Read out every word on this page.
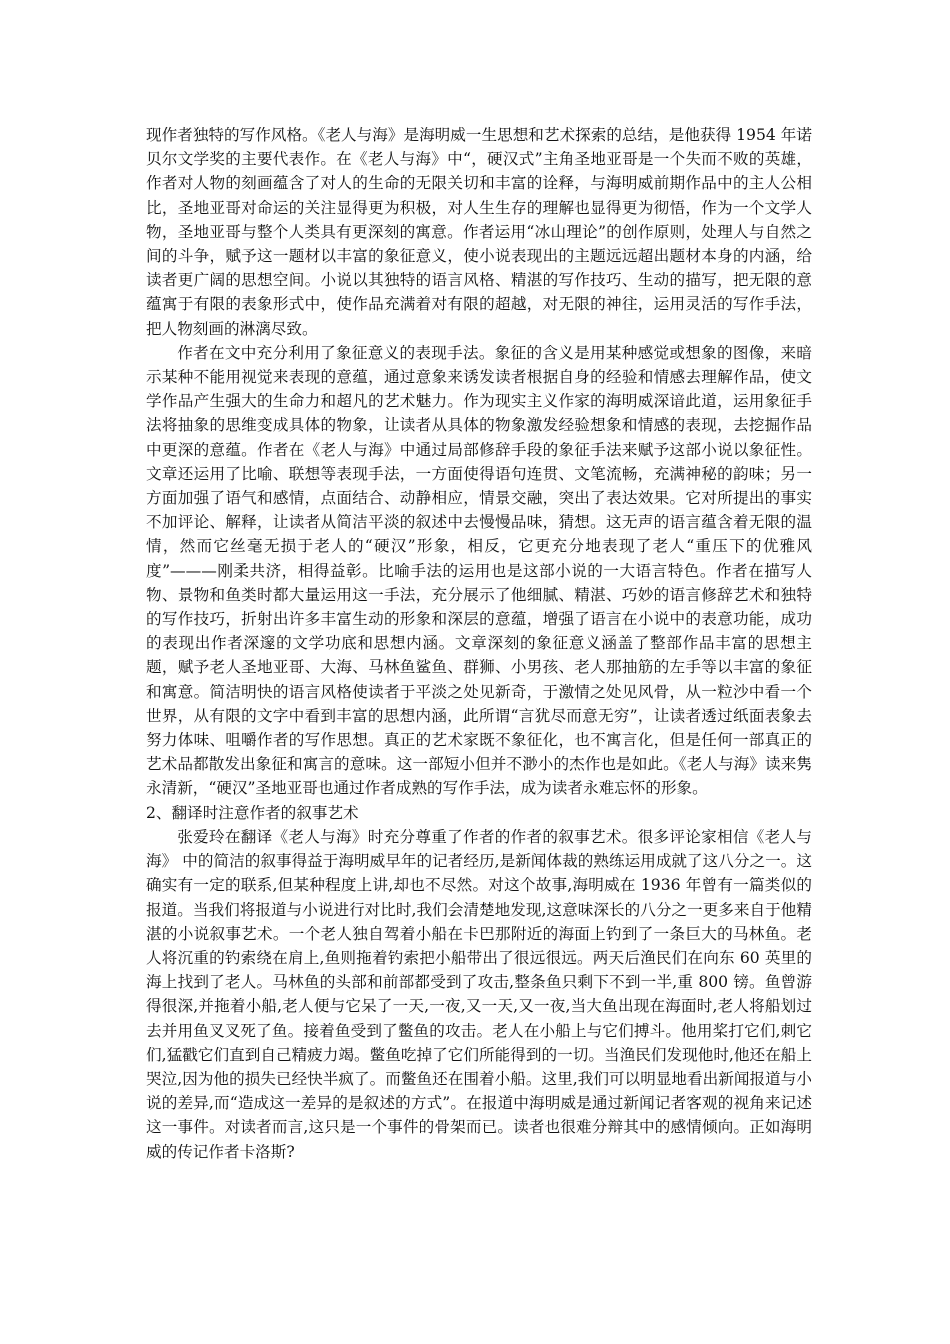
现作者独特的写作风格。《老人与海》是海明威一生思想和艺术探索的总结，是他获得 1954 年诺贝尔文学奖的主要代表作。在《老人与海》中“，硬汉式”主角圣地亚哥是一个失而不败的英雄，作者对人物的刻画蕴含了对人的生命的无限关切和丰富的诠释，与海明威前期作品中的主人公相比，圣地亚哥对命运的关注显得更为积极，对人生生存的理解也显得更为彻悟，作为一个文学人物，圣地亚哥与整个人类具有更深刻的寓意。作者运用“冰山理论”的创作原则，处理人与自然之间的斗争，赋予这一题材以丰富的象征意义，使小说表现出的主题远远超出题材本身的内涵，给读者更广阔的思想空间。小说以其独特的语言风格、精湛的写作技巧、生动的描写，把无限的意蕴寓于有限的表象形式中，使作品充满着对有限的超越，对无限的神往，运用灵活的写作手法，把人物刻画的淋漓尽致。

作者在文中充分利用了象征意义的表现手法。象征的含义是用某种感觉或想象的图像，来暗示某种不能用视觉来表现的意蕴，通过意象来诱发读者根据自身的经验和情感去理解作品，使文学作品产生强大的生命力和超凡的艺术魅力。作为现实主义作家的海明威深谙此道，运用象征手法将抽象的思维变成具体的物象，让读者从具体的物象激发经验想象和情感的表现，去挖掘作品中更深的意蕴。作者在《老人与海》中通过局部修辞手段的象征手法来赋予这部小说以象征性。文章还运用了比喻、联想等表现手法，一方面使得语句连贯、文笔流畅，充满神秘的韵味；另一方面加强了语气和感情，点面结合、动静相应，情景交融，突出了表达效果。它对所提出的事实不加评论、解释，让读者从简洁平淡的叙述中去慢慢品味，猜想。这无声的语言蕴含着无限的温情，然而它丝毫无损于老人的“硬汉”形象，相反，它更充分地表现了老人“重压下的优雅风度”———刚柔共济，相得益彰。比喻手法的运用也是这部小说的一大语言特色。作者在描写人物、景物和鱼类时都大量运用这一手法，充分展示了他细腻、精湛、巧妙的语言修辞艺术和独特的写作技巧，折射出许多丰富生动的形象和深层的意蕴，增强了语言在小说中的表意功能，成功的表现出作者深邃的文学功底和思想内涵。文章深刻的象征意义涵盖了整部作品丰富的思想主题，赋予老人圣地亚哥、大海、马林鱼鲨鱼、群狮、小男孩、老人那抽筋的左手等以丰富的象征和寓意。简洁明快的语言风格使读者于平淡之处见新奇，于激情之处见风骨，从一粒沙中看一个世界，从有限的文字中看到丰富的思想内涵，此所谓“言犹尽而意无穷”，让读者透过纸面表象去努力体味、咀嚼作者的写作思想。真正的艺术家既不象征化，也不寓言化，但是任何一部真正的艺术品都散发出象征和寓言的意味。这一部短小但并不渺小的杰作也是如此。《老人与海》读来隽永清新，“硬汉”圣地亚哥也通过作者成熟的写作手法，成为读者永难忘怀的形象。

2、翻译时注意作者的叙事艺术

张爱玲在翻译《老人与海》时充分尊重了作者的作者的叙事艺术。很多评论家相信《老人与海》 中的简洁的叙事得益于海明威早年的记者经历,是新闻体裁的熟练运用成就了这八分之一。这确实有一定的联系,但某种程度上讲,却也不尽然。对这个故事,海明威在 1936 年曾有一篇类似的报道。当我们将报道与小说进行对比时,我们会清楚地发现,这意味深长的八分之一更多来自于他精湛的小说叙事艺术。一个老人独自驾着小船在卡巴那附近的海面上钓到了一条巨大的马林鱼。老人将沉重的钓索绕在肩上,鱼则拖着钓索把小船带出了很远很远。两天后渔民们在向东 60 英里的海上找到了老人。马林鱼的头部和前部都受到了攻击,整条鱼只剩下不到一半,重 800 镑。鱼曾游得很深,并拖着小船,老人便与它呆了一天,一夜,又一天,又一夜,当大鱼出现在海面时,老人将船划过去并用鱼叉叉死了鱼。接着鱼受到了鳖鱼的攻击。老人在小船上与它们搏斗。他用桨打它们,刺它们,猛戳它们直到自己精疲力竭。鳖鱼吃掉了它们所能得到的一切。当渔民们发现他时,他还在船上哭泣,因为他的损失已经快半疯了。而鳖鱼还在围着小船。这里,我们可以明显地看出新闻报道与小说的差异,而“造成这一差异的是叙述的方式”。在报道中海明威是通过新闻记者客观的视角来记述这一事件。对读者而言,这只是一个事件的骨架而已。读者也很难分辩其中的感情倾向。正如海明威的传记作者卡洛斯?
